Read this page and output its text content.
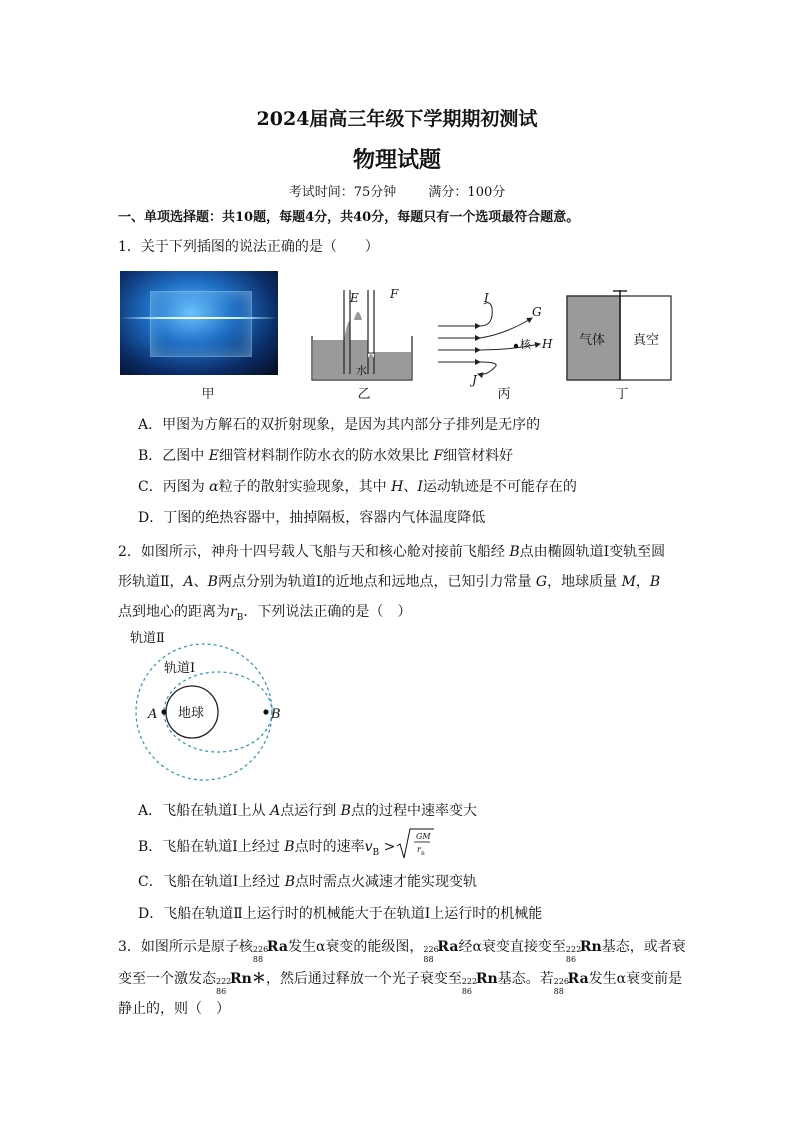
2024届高三年级下学期期初测试
物理试题
考试时间：75分钟 满分：100分
一、单项选择题：共10题，每题4分，共40分，每题只有一个选项最符合题意。
1．关于下列插图的说法正确的是（　　）
甲
E	F
水
乙
I
G
H
J
核
丙
气体 真空
丁
A．甲图为方解石的双折射现象，是因为其内部分子排列是无序的
B．乙图中 E细管材料制作防水衣的防水效果比 F细管材料好
C．丙图为 α粒子的散射实验现象，其中 H、I运动轨迹是不可能存在的
D．丁图的绝热容器中，抽掉隔板，容器内气体温度降低
2．如图所示，神舟十四号载人飞船与天和核心舱对接前飞船经 B点由椭圆轨道Ⅰ变轨至圆
形轨道Ⅱ，A、B两点分别为轨道Ⅰ的近地点和远地点，已知引力常量 G，地球质量 M，B
点到地心的距离为$r_B$．下列说法正确的是（　）
轨道Ⅱ
轨道Ⅰ
地球
A	B
A．飞船在轨道Ⅰ上从 A点运行到 B点的过程中速率变大
B．飞船在轨道Ⅰ上经过 B点时的速率$v_B$ >
GM
r B
C．飞船在轨道Ⅰ上经过 B点时需点火减速才能实现变轨
D．飞船在轨道Ⅱ上运行时的机械能大于在轨道Ⅰ上运行时的机械能
3．如图所示是原子核 226
88
Ra发生α衰变的能级图， 226
88
Ra经α衰变直接变至 222
86
Rn基态，或者衰
变至一个激发态 222
86
Rn＊，然后通过释放一个光子衰变至 222
86
Rn基态。若 226
88
Ra发生α衰变前是
静止的，则（　）
